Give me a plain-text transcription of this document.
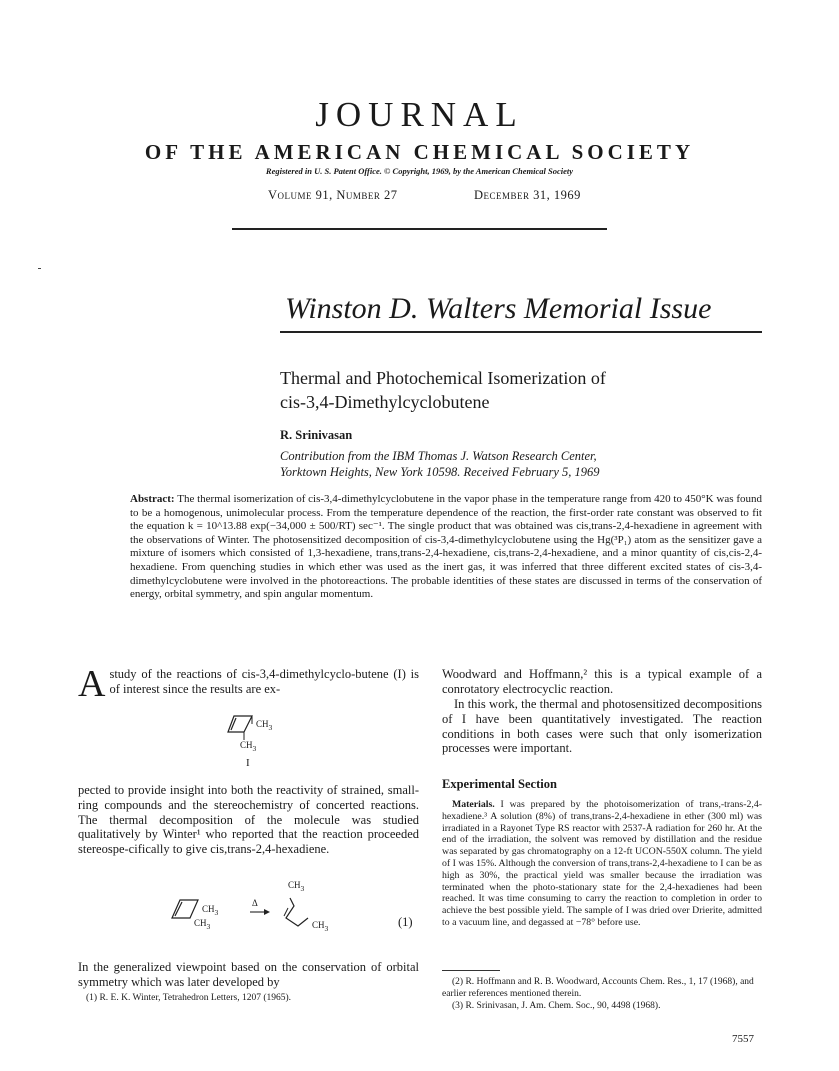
JOURNAL
OF THE AMERICAN CHEMICAL SOCIETY
Registered in U. S. Patent Office. © Copyright, 1969, by the American Chemical Society
Volume 91, Number 27	December 31, 1969
Winston D. Walters Memorial Issue
Thermal and Photochemical Isomerization of
cis-3,4-Dimethylcyclobutene
R. Srinivasan
Contribution from the IBM Thomas J. Watson Research Center,
Yorktown Heights, New York 10598. Received February 5, 1969
Abstract: The thermal isomerization of cis-3,4-dimethylcyclobutene in the vapor phase in the temperature range from 420 to 450°K was found to be a homogenous, unimolecular process. From the temperature dependence of the reaction, the first-order rate constant was observed to fit the equation k = 10^13.88 exp(−34,000 ± 500/RT) sec⁻¹. The single product that was obtained was cis,trans-2,4-hexadiene in agreement with the observations of Winter. The photosensitized decomposition of cis-3,4-dimethylcyclobutene using the Hg(³P₁) atom as the sensitizer gave a mixture of isomers which consisted of 1,3-hexadiene, trans,trans-2,4-hexadiene, cis,trans-2,4-hexadiene, and a minor quantity of cis,cis-2,4-hexadiene. From quenching studies in which ether was used as the inert gas, it was inferred that three different excited states of cis-3,4-dimethylcyclobutene were involved in the photoreactions. The probable identities of these states are discussed in terms of the conservation of energy, orbital symmetry, and spin angular momentum.
Astudy of the reactions of cis-3,4-dimethylcyclo-butene (I) is of interest since the results are ex-
$CH_3$
$CH_3$
I
pected to provide insight into both the reactivity of strained, small-ring compounds and the stereochemistry of concerted reactions. The thermal decomposition of the molecule was studied qualitatively by Winter¹ who reported that the reaction proceeded stereospe-cifically to give cis,trans-2,4-hexadiene.
$CH_3$
$CH_3$
Δ
$CH_3$
$CH_3$	(1)
In the generalized viewpoint based on the conservation of orbital symmetry which was later developed by
(1) R. E. K. Winter, Tetrahedron Letters, 1207 (1965).
Woodward and Hoffmann,² this is a typical example of a conrotatory electrocyclic reaction.
In this work, the thermal and photosensitized decompositions of I have been quantitatively investigated. The reaction conditions in both cases were such that only isomerization processes were important.
Experimental Section
Materials. I was prepared by the photoisomerization of trans,-trans-2,4-hexadiene.³ A solution (8%) of trans,trans-2,4-hexadiene in ether (300 ml) was irradiated in a Rayonet Type RS reactor with 2537-Å radiation for 260 hr. At the end of the irradiation, the solvent was removed by distillation and the residue was separated by gas chromatography on a 12-ft UCON-550X column. The yield of I was 15%. Although the conversion of trans,trans-2,4-hexadiene to I can be as high as 30%, the practical yield was smaller because the irradiation was terminated when the photo-stationary state for the 2,4-hexadienes had been reached. It was time consuming to carry the reaction to completion in order to achieve the best possible yield. The sample of I was dried over Drierite, admitted to a vacuum line, and degassed at −78° before use.
(2) R. Hoffmann and R. B. Woodward, Accounts Chem. Res., 1, 17 (1968), and earlier references mentioned therein.
(3) R. Srinivasan, J. Am. Chem. Soc., 90, 4498 (1968).
7557
